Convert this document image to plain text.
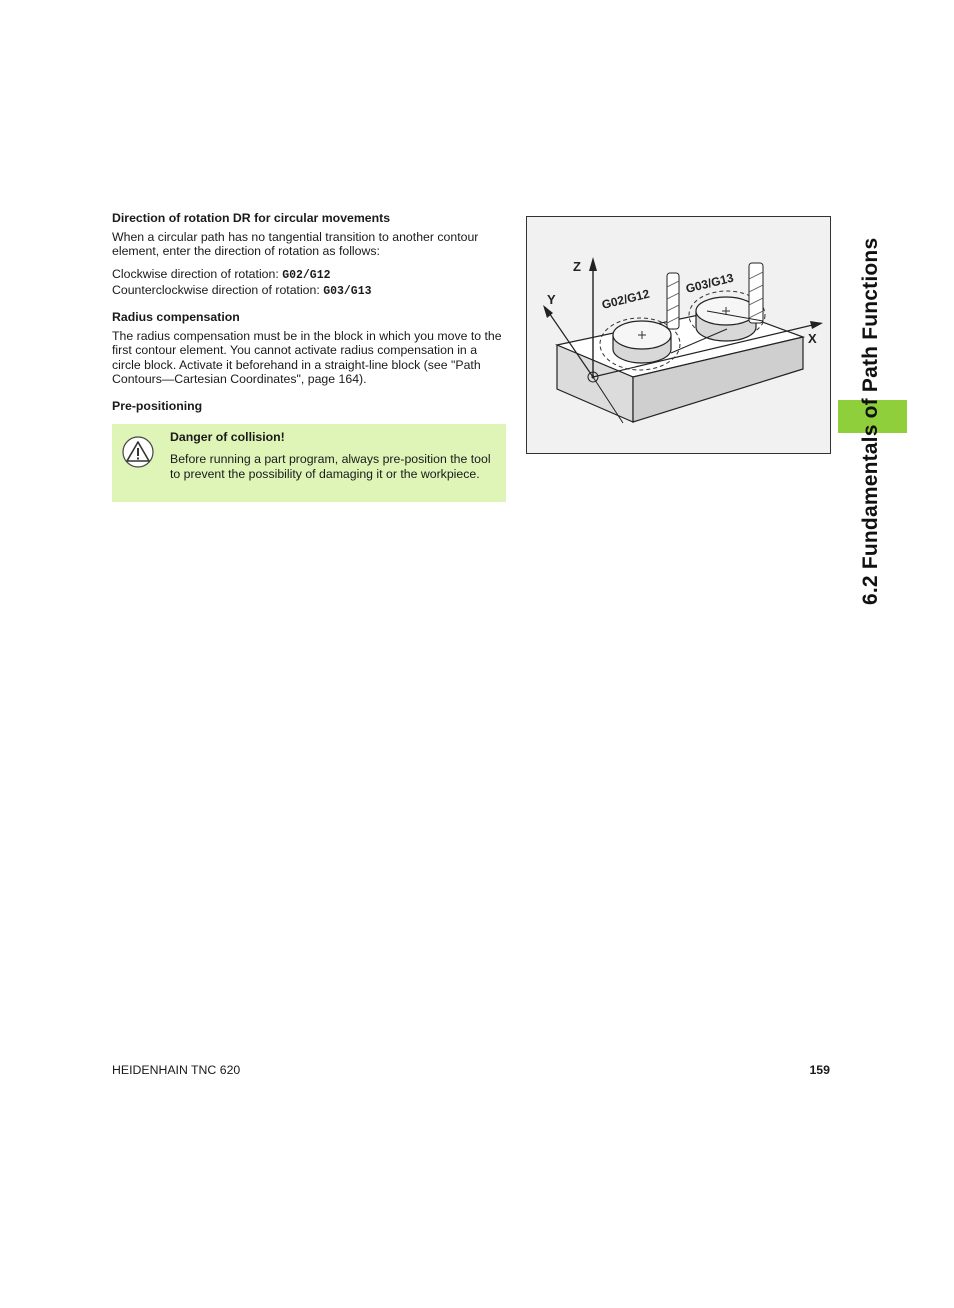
Direction of rotation DR for circular movements

When a circular path has no tangential transition to another contour element, enter the direction of rotation as follows:

Clockwise direction of rotation: G02/G12
Counterclockwise direction of rotation: G03/G13

Radius compensation

The radius compensation must be in the block in which you move to the first contour element. You cannot activate radius compensation in a circle block. Activate it beforehand in a straight-line block (see "Path Contours—Cartesian Coordinates", page 164).

Pre-positioning
Danger of collision!
Before running a part program, always pre-position the tool to prevent the possibility of damaging it or the workpiece.
Z
Y
X
G02/G12
G03/G13	6.2 Fundamentals of Path Functions
HEIDENHAIN TNC 620	159
